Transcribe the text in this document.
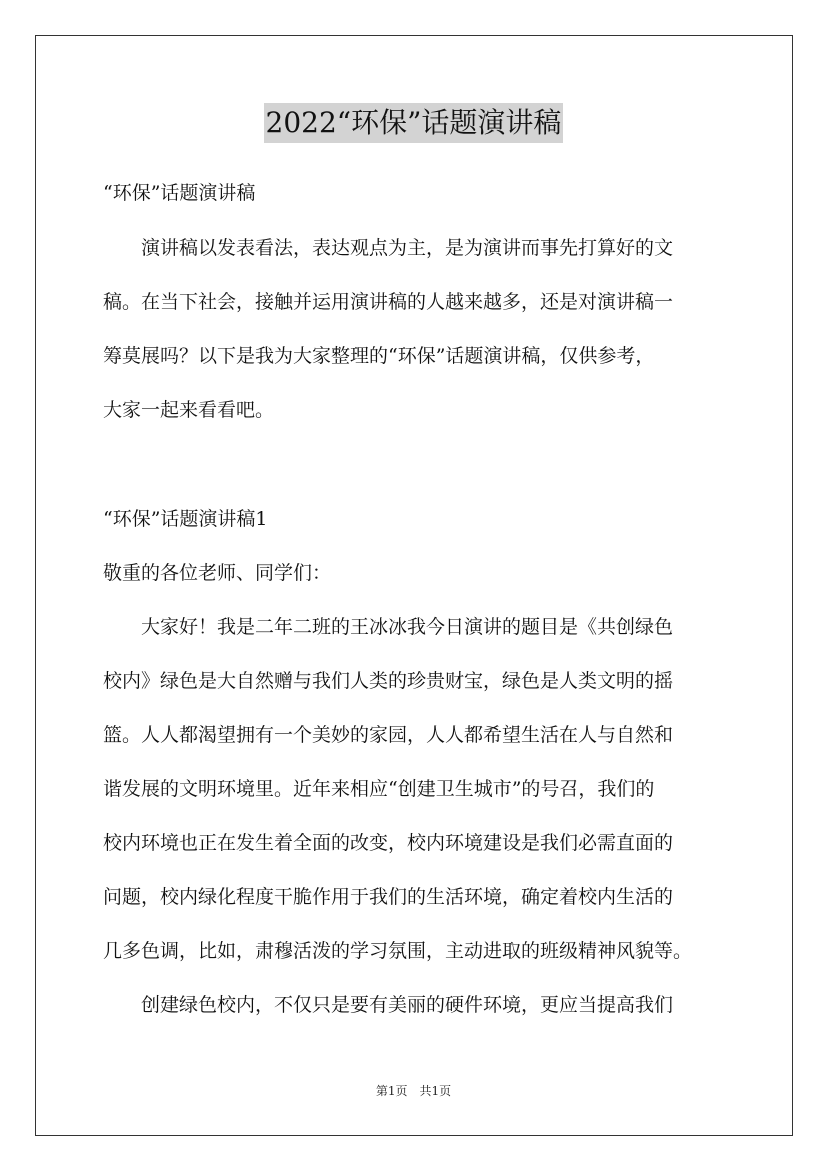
2022“环保”话题演讲稿
“环保”话题演讲稿
　　演讲稿以发表看法，表达观点为主，是为演讲而事先打算好的文
稿。在当下社会，接触并运用演讲稿的人越来越多，还是对演讲稿一
筹莫展吗？以下是我为大家整理的“环保”话题演讲稿，仅供参考，
大家一起来看看吧。
“环保”话题演讲稿1
敬重的各位老师、同学们：
　　大家好！我是二年二班的王冰冰我今日演讲的题目是《共创绿色
校内》绿色是大自然赠与我们人类的珍贵财宝，绿色是人类文明的摇
篮。人人都渴望拥有一个美妙的家园，人人都希望生活在人与自然和
谐发展的文明环境里。近年来相应“创建卫生城市”的号召，我们的
校内环境也正在发生着全面的改变，校内环境建设是我们必需直面的
问题，校内绿化程度干脆作用于我们的生活环境，确定着校内生活的
几多色调，比如，肃穆活泼的学习氛围，主动进取的班级精神风貌等。
　　创建绿色校内，不仅只是要有美丽的硬件环境，更应当提高我们
第1页　共1页
